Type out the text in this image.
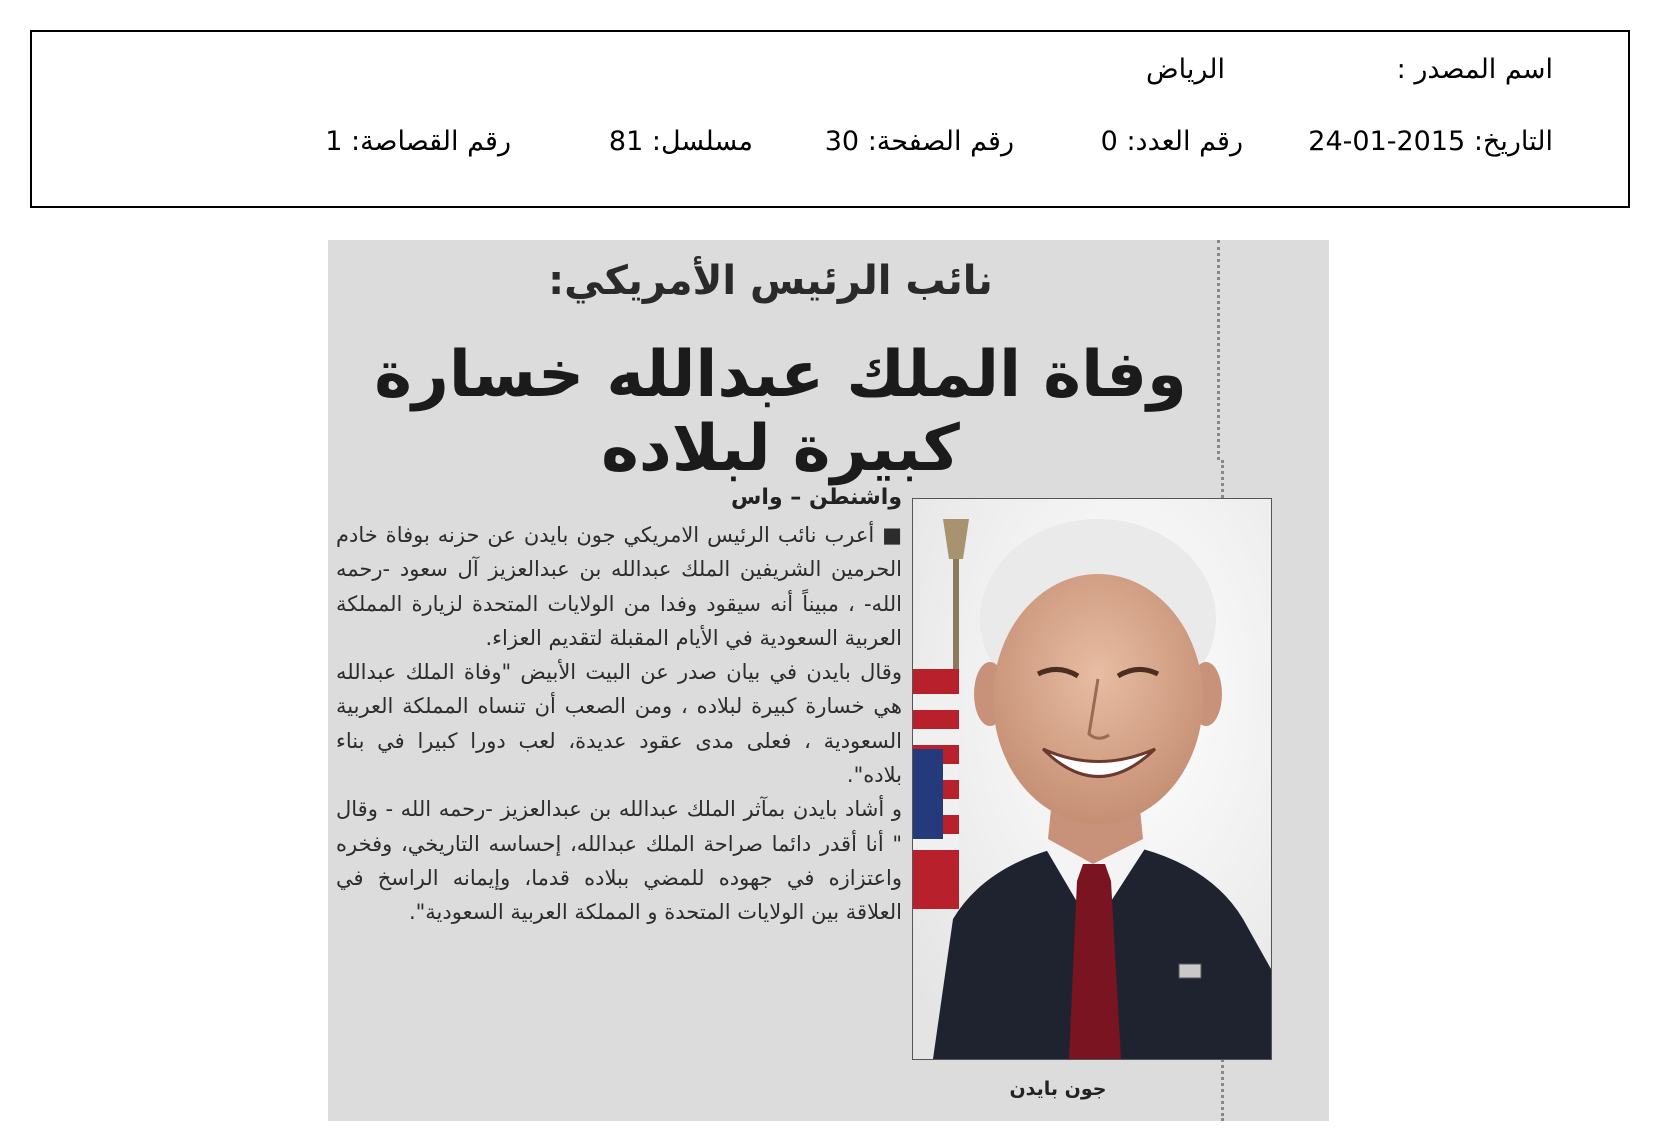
اسم المصدر :
الرياض
التاريخ: 2015-01-24
رقم العدد: 0
رقم الصفحة: 30
مسلسل: 81
رقم القصاصة: 1
نائب الرئيس الأمريكي:
وفاة الملك عبدالله خسارة كبيرة لبلاده
واشنطن – واس

■ أعرب نائب الرئيس الامريكي جون بايدن عن حزنه بوفاة خادم الحرمين الشريفين الملك عبدالله بن عبدالعزيز آل سعود -رحمه الله- ، مبيناً أنه سيقود وفدا من الولايات المتحدة لزيارة المملكة العربية السعودية في الأيام المقبلة لتقديم العزاء.

وقال بايدن في بيان صدر عن البيت الأبيض "وفاة الملك عبدالله هي خسارة كبيرة لبلاده ، ومن الصعب أن تنساه المملكة العربية السعودية ، فعلى مدى عقود عديدة، لعب دورا كبيرا في بناء بلاده".

و أشاد بايدن بمآثر الملك عبدالله بن عبدالعزيز -رحمه الله - وقال " أنا أقدر دائما صراحة الملك عبدالله، إحساسه التاريخي، وفخره واعتزازه في جهوده للمضي ببلاده قدما، وإيمانه الراسخ في العلاقة بين الولايات المتحدة و المملكة العربية السعودية".

جون بايدن
